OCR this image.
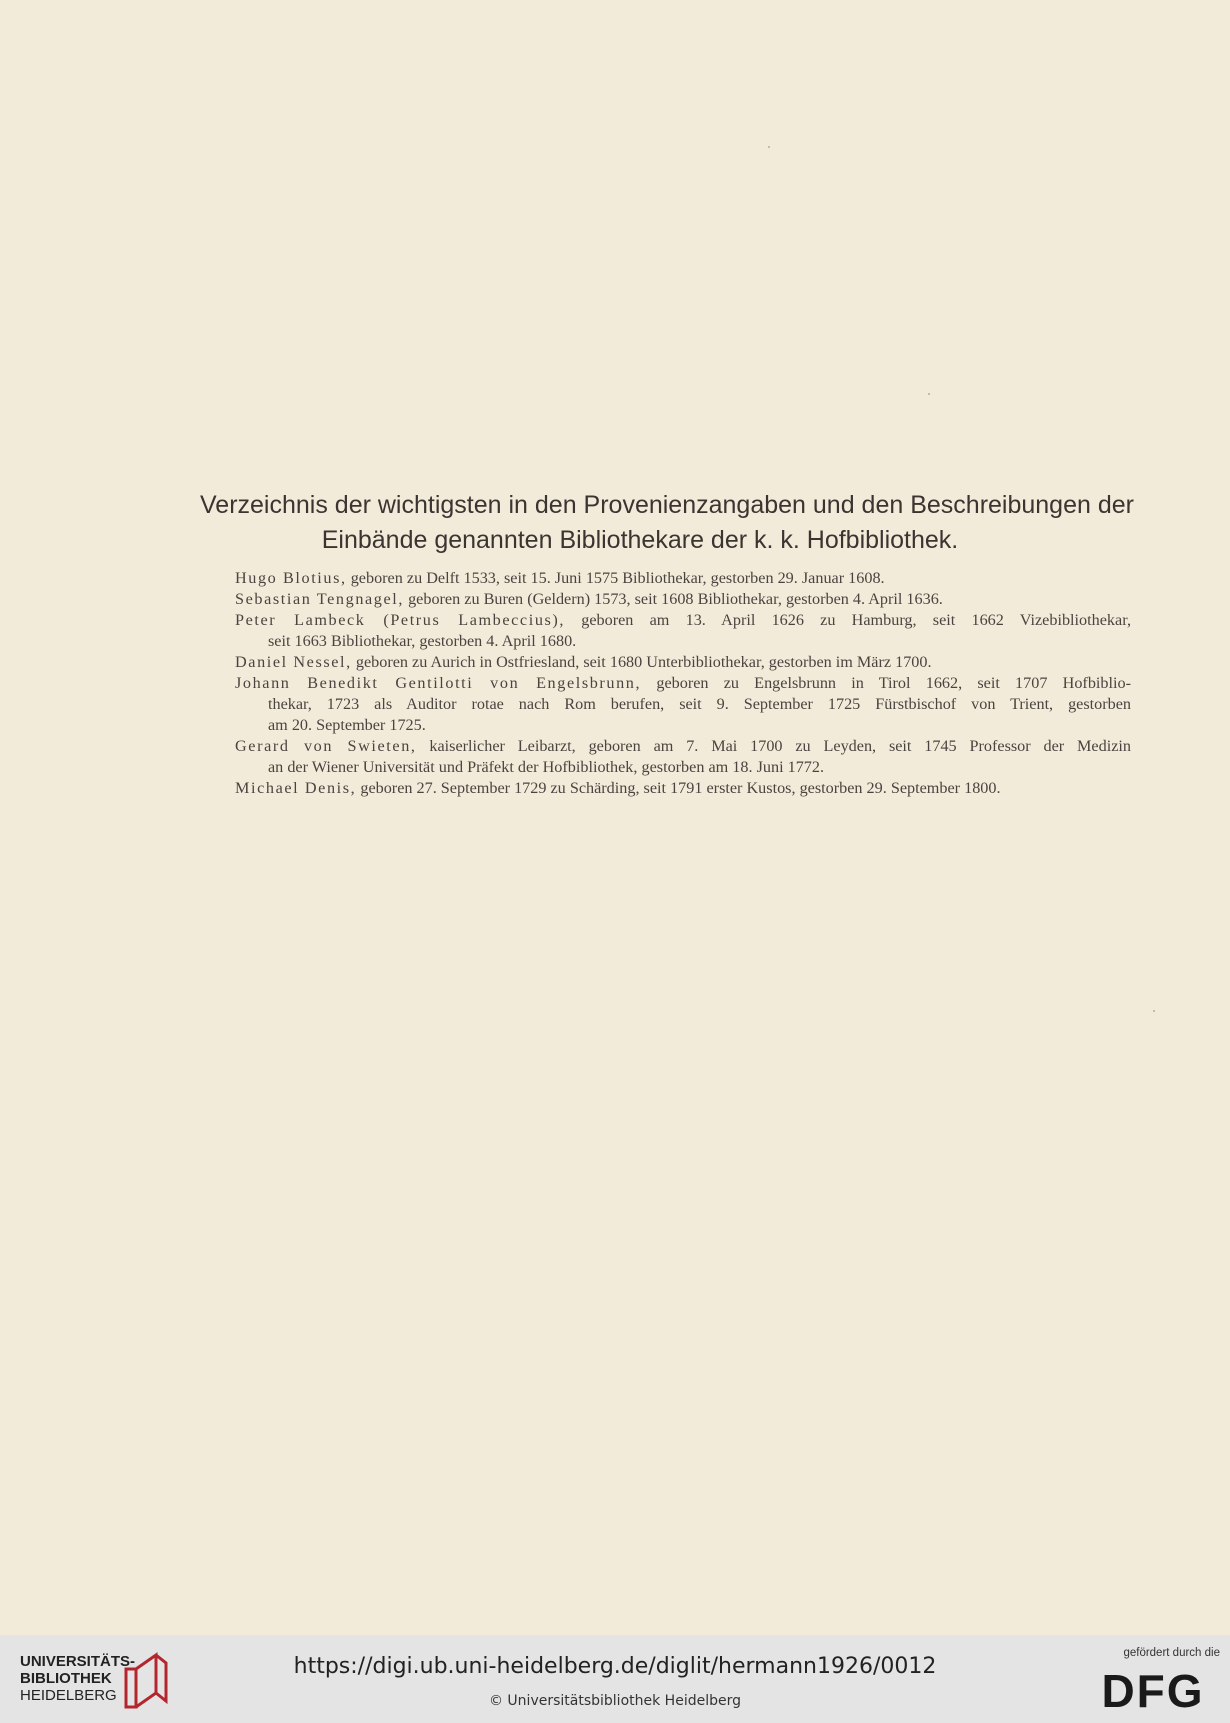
Verzeichnis der wichtigsten in den Provenienzangaben und den Beschreibungen der
Einbände genannten Bibliothekare der k. k. Hofbibliothek.
Hugo Blotius, geboren zu Delft 1533, seit 15. Juni 1575 Bibliothekar, gestorben 29. Januar 1608.
Sebastian Tengnagel, geboren zu Buren (Geldern) 1573, seit 1608 Bibliothekar, gestorben 4. April 1636.
Peter Lambeck (Petrus Lambeccius), geboren am 13. April 1626 zu Hamburg, seit 1662 Vizebibliothekar,
seit 1663 Bibliothekar, gestorben 4. April 1680.
Daniel Nessel, geboren zu Aurich in Ostfriesland, seit 1680 Unterbibliothekar, gestorben im März 1700.
Johann Benedikt Gentilotti von Engelsbrunn, geboren zu Engelsbrunn in Tirol 1662, seit 1707 Hofbiblio-
thekar, 1723 als Auditor rotae nach Rom berufen, seit 9. September 1725 Fürstbischof von Trient, gestorben
am 20. September 1725.
Gerard von Swieten, kaiserlicher Leibarzt, geboren am 7. Mai 1700 zu Leyden, seit 1745 Professor der Medizin
an der Wiener Universität und Präfekt der Hofbibliothek, gestorben am 18. Juni 1772.
Michael Denis, geboren 27. September 1729 zu Schärding, seit 1791 erster Kustos, gestorben 29. September 1800.
UNIVERSITÄTS-
BIBLIOTHEK
HEIDELBERG
https://digi.ub.uni-heidelberg.de/diglit/hermann1926/0012
© Universitätsbibliothek Heidelberg
gefördert durch die
DFG
